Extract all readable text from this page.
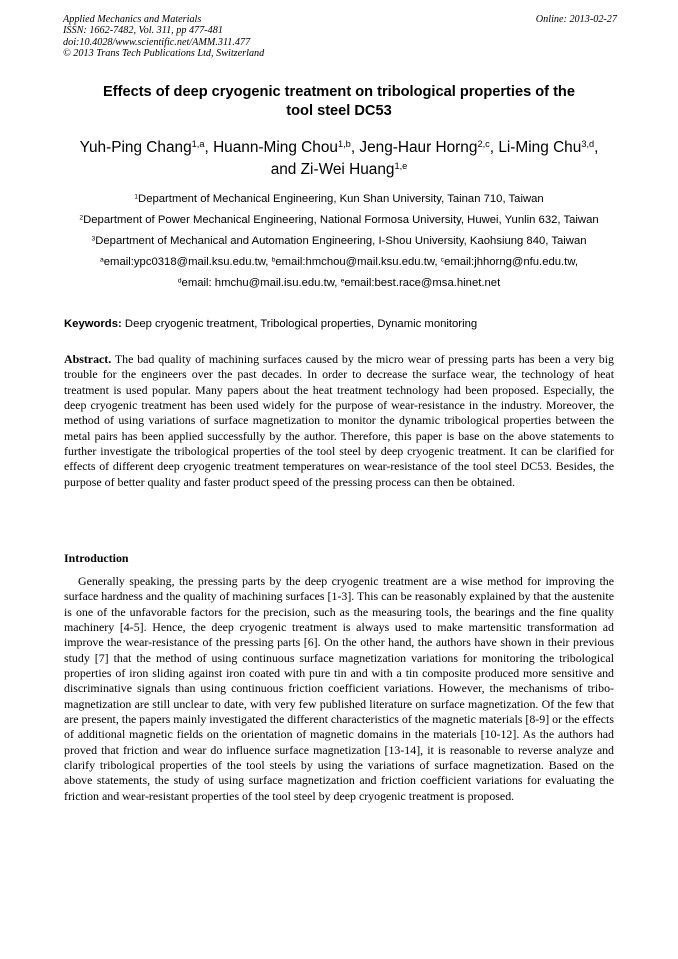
Applied Mechanics and Materials
ISSN: 1662-7482, Vol. 311, pp 477-481
doi:10.4028/www.scientific.net/AMM.311.477
© 2013 Trans Tech Publications Ltd, Switzerland
Online: 2013-02-27
Effects of deep cryogenic treatment on tribological properties of the
tool steel DC53
Yuh-Ping Chang$^{1,a}$, Huann-Ming Chou$^{1,b}$, Jeng-Haur Horng$^{2,c}$, Li-Ming Chu$^{3,d}$,
and Zi-Wei Huang$^{1,e}$
$^1$Department of Mechanical Engineering, Kun Shan University, Tainan 710, Taiwan
$^2$Department of Power Mechanical Engineering, National Formosa University, Huwei, Yunlin 632, Taiwan
$^3$Department of Mechanical and Automation Engineering, I-Shou University, Kaohsiung 840, Taiwan
$^a$email:ypc0318@mail.ksu.edu.tw, $^b$email:hmchou@mail.ksu.edu.tw, $^c$email:jhhorng@nfu.edu.tw,
$^d$email: hmchu@mail.isu.edu.tw, $^e$email:best.race@msa.hinet.net
Keywords: Deep cryogenic treatment, Tribological properties, Dynamic monitoring
Abstract. The bad quality of machining surfaces caused by the micro wear of pressing parts has been a very big trouble for the engineers over the past decades. In order to decrease the surface wear, the technology of heat treatment is used popular. Many papers about the heat treatment technology had been proposed. Especially, the deep cryogenic treatment has been used widely for the purpose of wear-resistance in the industry. Moreover, the method of using variations of surface magnetization to monitor the dynamic tribological properties between the metal pairs has been applied successfully by the author. Therefore, this paper is base on the above statements to further investigate the tribological properties of the tool steel by deep cryogenic treatment. It can be clarified for effects of different deep cryogenic treatment temperatures on wear-resistance of the tool steel DC53. Besides, the purpose of better quality and faster product speed of the pressing process can then be obtained.
Introduction
Generally speaking, the pressing parts by the deep cryogenic treatment are a wise method for improving the surface hardness and the quality of machining surfaces [1-3]. This can be reasonably explained by that the austenite is one of the unfavorable factors for the precision, such as the measuring tools, the bearings and the fine quality machinery [4-5]. Hence, the deep cryogenic treatment is always used to make martensitic transformation ad improve the wear-resistance of the pressing parts [6]. On the other hand, the authors have shown in their previous study [7] that the method of using continuous surface magnetization variations for monitoring the tribological properties of iron sliding against iron coated with pure tin and with a tin composite produced more sensitive and discriminative signals than using continuous friction coefficient variations. However, the mechanisms of tribo-magnetization are still unclear to date, with very few published literature on surface magnetization. Of the few that are present, the papers mainly investigated the different characteristics of the magnetic materials [8-9] or the effects of additional magnetic fields on the orientation of magnetic domains in the materials [10-12]. As the authors had proved that friction and wear do influence surface magnetization [13-14], it is reasonable to reverse analyze and clarify tribological properties of the tool steels by using the variations of surface magnetization. Based on the above statements, the study of using surface magnetization and friction coefficient variations for evaluating the friction and wear-resistant properties of the tool steel by deep cryogenic treatment is proposed.
